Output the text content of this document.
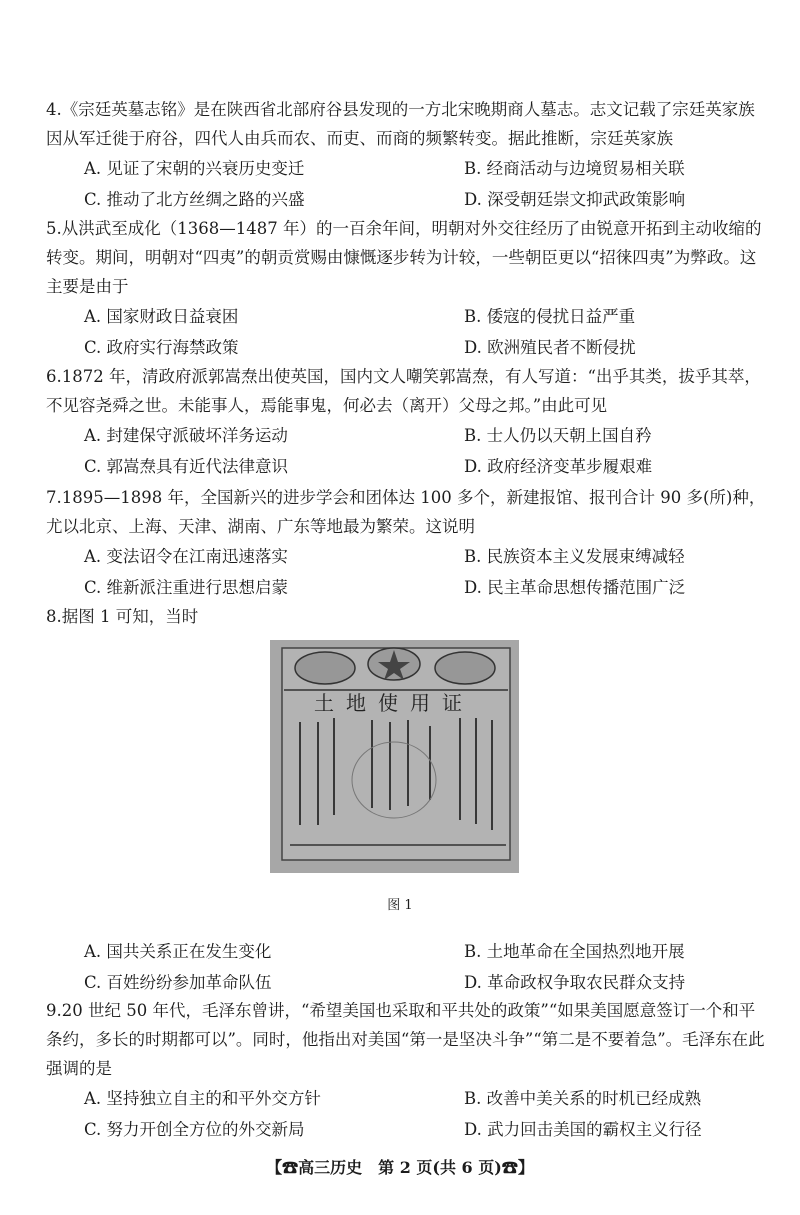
4.《宗廷英墓志铭》是在陕西省北部府谷县发现的一方北宋晚期商人墓志。志文记载了宗廷英家族因从军迁徙于府谷，四代人由兵而农、而吏、而商的频繁转变。据此推断，宗廷英家族

A. 见证了宋朝的兴衰历史变迁	B. 经商活动与边境贸易相关联
C. 推动了北方丝绸之路的兴盛	D. 深受朝廷崇文抑武政策影响

5.从洪武至成化（1368—1487 年）的一百余年间，明朝对外交往经历了由锐意开拓到主动收缩的转变。期间，明朝对“四夷”的朝贡赏赐由慷慨逐步转为计较，一些朝臣更以“招徕四夷”为弊政。这主要是由于

A. 国家财政日益衰困	B. 倭寇的侵扰日益严重
C. 政府实行海禁政策	D. 欧洲殖民者不断侵扰

6.1872 年，清政府派郭嵩焘出使英国，国内文人嘲笑郭嵩焘，有人写道：“出乎其类，拔乎其萃，不见容尧舜之世。未能事人，焉能事鬼，何必去（离开）父母之邦。”由此可见

A. 封建保守派破坏洋务运动	B. 士人仍以天朝上国自矜
C. 郭嵩焘具有近代法律意识	D. 政府经济变革步履艰难

7.1895—1898 年，全国新兴的进步学会和团体达 100 多个，新建报馆、报刊合计 90 多(所)种，尤以北京、上海、天津、湖南、广东等地最为繁荣。这说明

A. 变法诏令在江南迅速落实	B. 民族资本主义发展束缚减轻
C. 维新派注重进行思想启蒙	D. 民主革命思想传播范围广泛

8.据图 1 可知，当时

土地使用证
图 1
A. 国共关系正在发生变化	B. 土地革命在全国热烈地开展
C. 百姓纷纷参加革命队伍	D. 革命政权争取农民群众支持

9.20 世纪 50 年代，毛泽东曾讲，“希望美国也采取和平共处的政策”“如果美国愿意签订一个和平条约，多长的时期都可以”。同时，他指出对美国“第一是坚决斗争”“第二是不要着急”。毛泽东在此强调的是

A. 坚持独立自主的和平外交方针	B. 改善中美关系的时机已经成熟
C. 努力开创全方位的外交新局	D. 武力回击美国的霸权主义行径
【☎高三历史　第 2 页(共 6 页)☎】
